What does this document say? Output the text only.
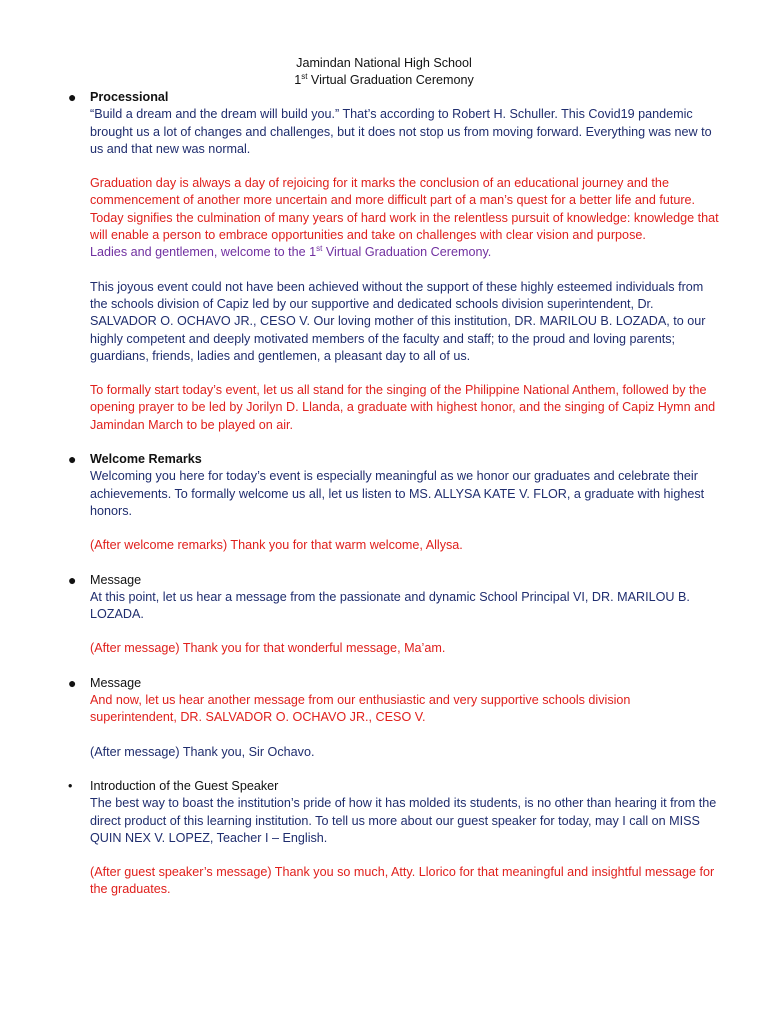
Jamindan National High School
1st Virtual Graduation Ceremony
● Processional

“Build a dream and the dream will build you.” That’s according to Robert H. Schuller. This Covid19 pandemic brought us a lot of changes and challenges, but it does not stop us from moving forward. Everything was new to us and that new was normal.

Graduation day is always a day of rejoicing for it marks the conclusion of an educational journey and the commencement of another more uncertain and more difficult part of a man’s quest for a better life and future. Today signifies the culmination of many years of hard work in the relentless pursuit of knowledge: knowledge that will enable a person to embrace opportunities and take on challenges with clear vision and purpose.

Ladies and gentlemen, welcome to the 1st Virtual Graduation Ceremony.

This joyous event could not have been achieved without the support of these highly esteemed individuals from the schools division of Capiz led by our supportive and dedicated schools division superintendent, Dr. SALVADOR O. OCHAVO JR., CESO V. Our loving mother of this institution, DR. MARILOU B. LOZADA, to our highly competent and deeply motivated members of the faculty and staff; to the proud and loving parents; guardians, friends, ladies and gentlemen, a pleasant day to all of us.

To formally start today’s event, let us all stand for the singing of the Philippine National Anthem, followed by the opening prayer to be led by Jorilyn D. Llanda, a graduate with highest honor, and the singing of Capiz Hymn and Jamindan March to be played on air.

● Welcome Remarks

Welcoming you here for today’s event is especially meaningful as we honor our graduates and celebrate their achievements. To formally welcome us all, let us listen to MS. ALLYSA KATE V. FLOR, a graduate with highest honors.

(After welcome remarks) Thank you for that warm welcome, Allysa.

● Message

At this point, let us hear a message from the passionate and dynamic School Principal VI, DR. MARILOU B. LOZADA.

(After message) Thank you for that wonderful message, Ma’am.

● Message

And now, let us hear another message from our enthusiastic and very supportive schools division superintendent, DR. SALVADOR O. OCHAVO JR., CESO V.

(After message) Thank you, Sir Ochavo.

• Introduction of the Guest Speaker

The best way to boast the institution’s pride of how it has molded its students, is no other than hearing it from the direct product of this learning institution. To tell us more about our guest speaker for today, may I call on MISS QUIN NEX V. LOPEZ, Teacher I – English.

(After guest speaker’s message) Thank you so much, Atty. Llorico for that meaningful and insightful message for the graduates.
